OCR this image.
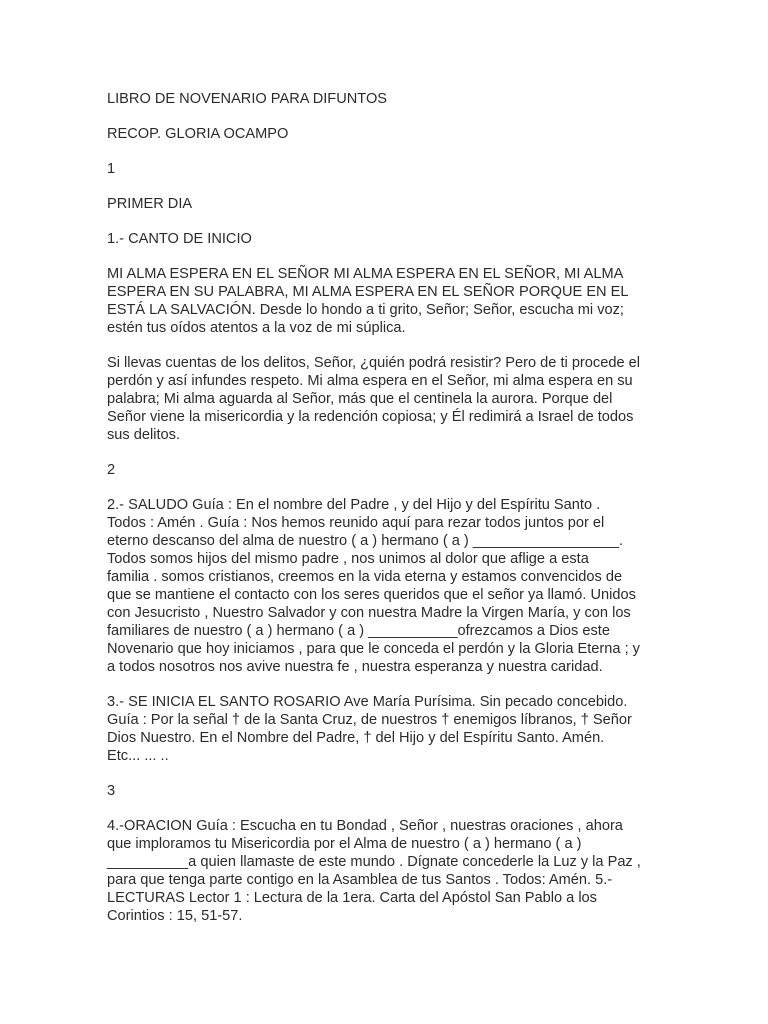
LIBRO DE NOVENARIO PARA DIFUNTOS

RECOP. GLORIA OCAMPO

1

PRIMER DIA

1.- CANTO DE INICIO

MI ALMA ESPERA EN EL SEÑOR MI ALMA ESPERA EN EL SEÑOR, MI ALMA
ESPERA EN SU PALABRA, MI ALMA ESPERA EN EL SEÑOR PORQUE EN EL
ESTÁ LA SALVACIÓN. Desde lo hondo a ti grito, Señor; Señor, escucha mi voz;
estén tus oídos atentos a la voz de mi súplica.

Si llevas cuentas de los delitos, Señor, ¿quién podrá resistir? Pero de ti procede el
perdón y así infundes respeto. Mi alma espera en el Señor, mi alma espera en su
palabra; Mi alma aguarda al Señor, más que el centinela la aurora. Porque del
Señor viene la misericordia y la redención copiosa; y Él redimirá a Israel de todos
sus delitos.

2

2.- SALUDO Guía : En el nombre del Padre , y del Hijo y del Espíritu Santo .
Todos : Amén . Guía : Nos hemos reunido aquí para rezar todos juntos por el
eterno descanso del alma de nuestro ( a ) hermano ( a ) __________________.
Todos somos hijos del mismo padre , nos unimos al dolor que aflige a esta
familia . somos cristianos, creemos en la vida eterna y estamos convencidos de
que se mantiene el contacto con los seres queridos que el señor ya llamó. Unidos
con Jesucristo , Nuestro Salvador y con nuestra Madre la Virgen María, y con los
familiares de nuestro ( a ) hermano ( a ) ___________ofrezcamos a Dios este
Novenario que hoy iniciamos , para que le conceda el perdón y la Gloria Eterna ; y
a todos nosotros nos avive nuestra fe , nuestra esperanza y nuestra caridad.

3.- SE INICIA EL SANTO ROSARIO Ave María Purísima. Sin pecado concebido.
Guía : Por la señal † de la Santa Cruz, de nuestros † enemigos líbranos, † Señor
Dios Nuestro. En el Nombre del Padre, † del Hijo y del Espíritu Santo. Amén.
Etc... ... ..

3

4.-ORACION Guía : Escucha en tu Bondad , Señor , nuestras oraciones , ahora
que imploramos tu Misericordia por el Alma de nuestro ( a ) hermano ( a )
__________a quien llamaste de este mundo . Dígnate concederle la Luz y la Paz ,
para que tenga parte contigo en la Asamblea de tus Santos . Todos: Amén. 5.-
LECTURAS Lector 1 : Lectura de la 1era. Carta del Apóstol San Pablo a los
Corintios : 15, 51-57.
